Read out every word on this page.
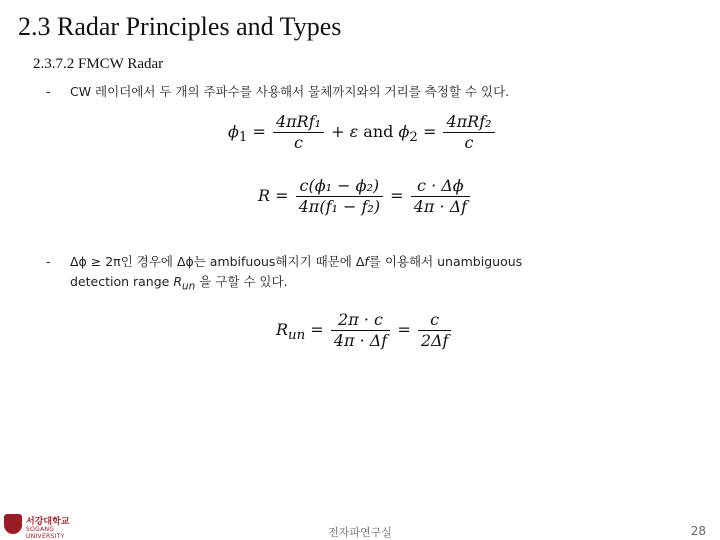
2.3 Radar Principles and Types
2.3.7.2 FMCW Radar
- CW 레이더에서 두 개의 주파수를 사용해서 물체까지와의 거리를 측정할 수 있다.
$\phi_1 = \frac{\text{4πRf₁}}{c} + \varepsilon$ and $\phi_2 = \frac{\text{4πRf₂}}{c}$
$R = \frac{\text{c(ϕ₁ − ϕ₂)}}{\text{4π(f₁ − f₂)}} = \frac{c \cdot \Delta\phi}{4\pi \cdot \Delta f}$
- Δϕ ≥ 2π인 경우에 Δϕ는 ambifuous해지기 때문에 Δf를 이용해서 unambiguous
detection range $R_{un}$ 을 구할 수 있다.
$R_{un} = \frac{2\pi \cdot c}{4\pi \cdot \Delta f} = \frac{c}{2\Delta f}$
서강대학교
SOGANG UNIVERSITY	전자파연구실	28
